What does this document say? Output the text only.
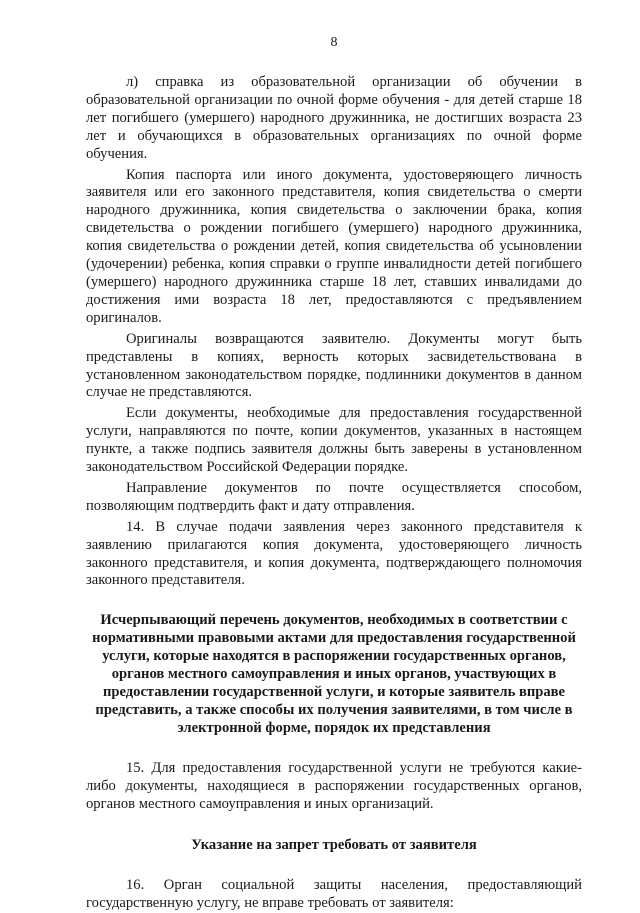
8

л) справка из образовательной организации об обучении в образовательной организации по очной форме обучения - для детей старше 18 лет погибшего (умершего) народного дружинника, не достигших возраста 23 лет и обучающихся в образовательных организациях по очной форме обучения.

Копия паспорта или иного документа, удостоверяющего личность заявителя или его законного представителя, копия свидетельства о смерти народного дружинника, копия свидетельства о заключении брака, копия свидетельства о рождении погибшего (умершего) народного дружинника, копия свидетельства о рождении детей, копия свидетельства об усыновлении (удочерении) ребенка, копия справки о группе инвалидности детей погибшего (умершего) народного дружинника старше 18 лет, ставших инвалидами до достижения ими возраста 18 лет, предоставляются с предъявлением оригиналов.

Оригиналы возвращаются заявителю. Документы могут быть представлены в копиях, верность которых засвидетельствована в установленном законодательством порядке, подлинники документов в данном случае не представляются.

Если документы, необходимые для предоставления государственной услуги, направляются по почте, копии документов, указанных в настоящем пункте, а также подпись заявителя должны быть заверены в установленном законодательством Российской Федерации порядке.

Направление документов по почте осуществляется способом, позволяющим подтвердить факт и дату отправления.

14. В случае подачи заявления через законного представителя к заявлению прилагаются копия документа, удостоверяющего личность законного представителя, и копия документа, подтверждающего полномочия законного представителя.

Исчерпывающий перечень документов, необходимых в соответствии с нормативными правовыми актами для предоставления государственной услуги, которые находятся в распоряжении государственных органов, органов местного самоуправления и иных органов, участвующих в предоставлении государственной услуги, и которые заявитель вправе представить, а также способы их получения заявителями, в том числе в электронной форме, порядок их представления

15. Для предоставления государственной услуги не требуются какие-либо документы, находящиеся в распоряжении государственных органов, органов местного самоуправления и иных организаций.

Указание на запрет требовать от заявителя

16. Орган социальной защиты населения, предоставляющий государственную услугу, не вправе требовать от заявителя:
